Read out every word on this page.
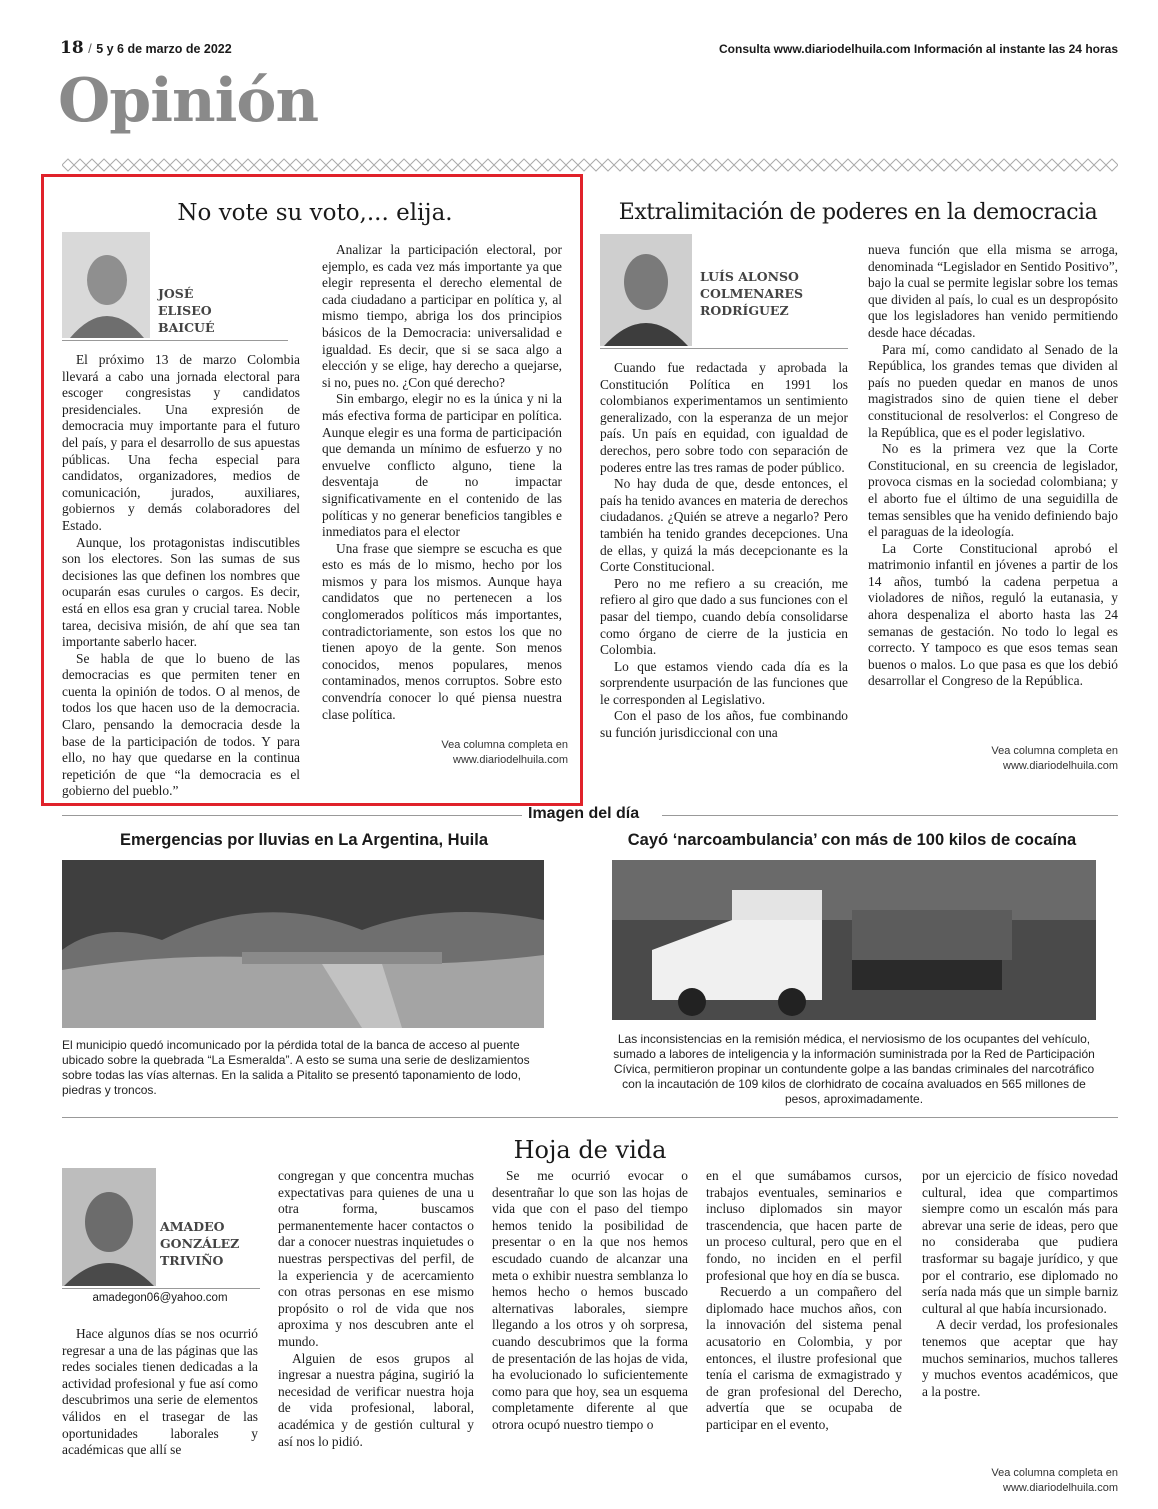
18 / 5 y 6 de marzo de 2022	Consulta www.diariodelhuila.com Información al instante las 24 horas
Opinión
No vote su voto,... elija.
JOSÉ
ELISEO
BAICUÉ

El próximo 13 de marzo Colombia llevará a cabo una jornada electoral para escoger congresistas y candidatos presidenciales. Una expresión de democracia muy importante para el futuro del país, y para el desarrollo de sus apuestas públicas. Una fecha especial para candidatos, organizadores, medios de comunicación, jurados, auxiliares, gobiernos y demás colaboradores del Estado.

Aunque, los protagonistas indiscutibles son los electores. Son las sumas de sus decisiones las que definen los nombres que ocuparán esas curules o cargos. Es decir, está en ellos esa gran y crucial tarea. Noble tarea, decisiva misión, de ahí que sea tan importante saberlo hacer.

Se habla de que lo bueno de las democracias es que permiten tener en cuenta la opinión de todos. O al menos, de todos los que hacen uso de la democracia. Claro, pensando la democracia desde la base de la participación de todos. Y para ello, no hay que quedarse en la continua repetición de que “la democracia es el gobierno del pueblo.”

Analizar la participación electoral, por ejemplo, es cada vez más importante ya que elegir representa el derecho elemental de cada ciudadano a participar en política y, al mismo tiempo, abriga los dos principios básicos de la Democracia: universalidad e igualdad. Es decir, que si se saca algo a elección y se elige, hay derecho a quejarse, si no, pues no. ¿Con qué derecho?

Sin embargo, elegir no es la única y ni la más efectiva forma de participar en política. Aunque elegir es una forma de participación que demanda un mínimo de esfuerzo y no envuelve conflicto alguno, tiene la desventaja de no impactar significativamente en el contenido de las políticas y no generar beneficios tangibles e inmediatos para el elector

Una frase que siempre se escucha es que esto es más de lo mismo, hecho por los mismos y para los mismos. Aunque haya candidatos que no pertenecen a los conglomerados políticos más importantes, contradictoriamente, son estos los que no tienen apoyo de la gente. Son menos conocidos, menos populares, menos contaminados, menos corruptos. Sobre esto convendría conocer lo qué piensa nuestra clase política.

Vea columna completa en
www.diariodelhuila.com
Extralimitación de poderes en la democracia
LUÍS ALONSO
COLMENARES
RODRÍGUEZ

Cuando fue redactada y aprobada la Constitución Política en 1991 los colombianos experimentamos un sentimiento generalizado, con la esperanza de un mejor país. Un país en equidad, con igualdad de derechos, pero sobre todo con separación de poderes entre las tres ramas de poder público.

No hay duda de que, desde entonces, el país ha tenido avances en materia de derechos ciudadanos. ¿Quién se atreve a negarlo? Pero también ha tenido grandes decepciones. Una de ellas, y quizá la más decepcionante es la Corte Constitucional.

Pero no me refiero a su creación, me refiero al giro que dado a sus funciones con el pasar del tiempo, cuando debía consolidarse como órgano de cierre de la justicia en Colombia.

Lo que estamos viendo cada día es la sorprendente usurpación de las funciones que le corresponden al Legislativo.

Con el paso de los años, fue combinando su función jurisdiccional con una

nueva función que ella misma se arroga, denominada “Legislador en Sentido Positivo”, bajo la cual se permite legislar sobre los temas que dividen al país, lo cual es un despropósito que los legisladores han venido permitiendo desde hace décadas.

Para mí, como candidato al Senado de la República, los grandes temas que dividen al país no pueden quedar en manos de unos magistrados sino de quien tiene el deber constitucional de resolverlos: el Congreso de la República, que es el poder legislativo.

No es la primera vez que la Corte Constitucional, en su creencia de legislador, provoca cismas en la sociedad colombiana; y el aborto fue el último de una seguidilla de temas sensibles que ha venido definiendo bajo el paraguas de la ideología.

La Corte Constitucional aprobó el matrimonio infantil en jóvenes a partir de los 14 años, tumbó la cadena perpetua a violadores de niños, reguló la eutanasia, y ahora despenaliza el aborto hasta las 24 semanas de gestación. No todo lo legal es correcto. Y tampoco es que esos temas sean buenos o malos. Lo que pasa es que los debió desarrollar el Congreso de la República.

Vea columna completa en
www.diariodelhuila.com
Imagen del día
Emergencias por lluvias en La Argentina, Huila
El municipio quedó incomunicado por la pérdida total de la banca de acceso al puente ubicado sobre la quebrada “La Esmeralda”. A esto se suma una serie de deslizamientos sobre todas las vías alternas. En la salida a Pitalito se presentó taponamiento de lodo, piedras y troncos.
Cayó ‘narcoambulancia’ con más de 100 kilos de cocaína
Las inconsistencias en la remisión médica, el nerviosismo de los ocupantes del vehículo, sumado a labores de inteligencia y la información suministrada por la Red de Participación Cívica, permitieron propinar un contundente golpe a las bandas criminales del narcotráfico con la incautación de 109 kilos de clorhidrato de cocaína avaluados en 565 millones de pesos, aproximadamente.
Hoja de vida
AMADEO
GONZÁLEZ
TRIVIÑO
amadegon06@yahoo.com

Hace algunos días se nos ocurrió regresar a una de las páginas que las redes sociales tienen dedicadas a la actividad profesional y fue así como descubrimos una serie de elementos válidos en el trasegar de las oportunidades laborales y académicas que allí se

congregan y que concentra muchas expectativas para quienes de una u otra forma, buscamos permanentemente hacer contactos o dar a conocer nuestras inquietudes o nuestras perspectivas del perfil, de la experiencia y de acercamiento con otras personas en ese mismo propósito o rol de vida que nos aproxima y nos descubren ante el mundo.

Alguien de esos grupos al ingresar a nuestra página, sugirió la necesidad de verificar nuestra hoja de vida profesional, laboral, académica y de gestión cultural y así nos lo pidió.

Se me ocurrió evocar o desentrañar lo que son las hojas de vida que con el paso del tiempo hemos tenido la posibilidad de presentar o en la que nos hemos escudado cuando de alcanzar una meta o exhibir nuestra semblanza lo hemos hecho o hemos buscado alternativas laborales, siempre llegando a los otros y oh sorpresa, cuando descubrimos que la forma de presentación de las hojas de vida, ha evolucionado lo suficientemente como para que hoy, sea un esquema completamente diferente al que otrora ocupó nuestro tiempo o

en el que sumábamos cursos, trabajos eventuales, seminarios e incluso diplomados sin mayor trascendencia, que hacen parte de un proceso cultural, pero que en el fondo, no inciden en el perfil profesional que hoy en día se busca.

Recuerdo a un compañero del diplomado hace muchos años, con la innovación del sistema penal acusatorio en Colombia, y por entonces, el ilustre profesional que tenía el carisma de exmagistrado y de gran profesional del Derecho, advertía que se ocupaba de participar en el evento,

por un ejercicio de físico novedad cultural, idea que compartimos siempre como un escalón más para abrevar una serie de ideas, pero que no consideraba que pudiera trasformar su bagaje jurídico, y que por el contrario, ese diplomado no sería nada más que un simple barniz cultural al que había incursionado.

A decir verdad, los profesionales tenemos que aceptar que hay muchos seminarios, muchos talleres y muchos eventos académicos, que a la postre.

Vea columna completa en
www.diariodelhuila.com
